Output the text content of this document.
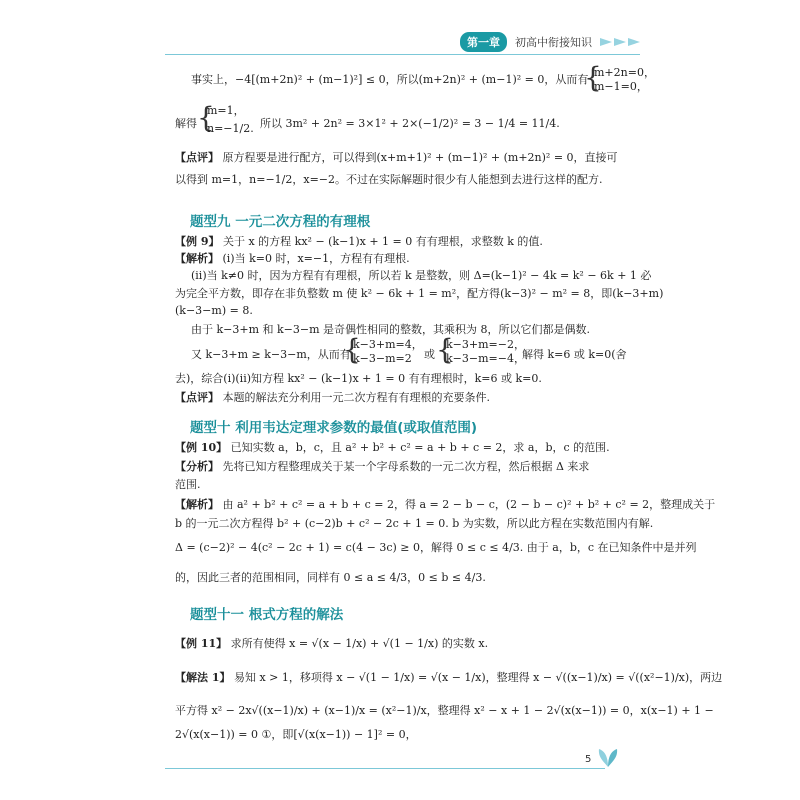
第一章	初高中衔接知识
事实上，−4[(m+2n)² + (m−1)²] ≤ 0，所以(m+2n)² + (m−1)² = 0，从而有
{
m+2n=0，
m−1=0，
解得 {
m=1，
n=−1/2. 所以 3m² + 2n² = 3×1² + 2×(−1/2)² = 3 − 1/4 = 11/4.
【点评】 原方程要是进行配方，可以得到(x+m+1)² + (m−1)² + (m+2n)² = 0，直接可
以得到 m=1，n=−1/2，x=−2。不过在实际解题时很少有人能想到去进行这样的配方.
题型九 一元二次方程的有理根
【例 9】 关于 x 的方程 kx² − (k−1)x + 1 = 0 有有理根，求整数 k 的值.
【解析】 (i)当 k=0 时，x=−1，方程有有理根.
(ii)当 k≠0 时，因为方程有有理根，所以若 k 是整数，则 Δ=(k−1)² − 4k = k² − 6k + 1 必
为完全平方数，即存在非负整数 m 使 k² − 6k + 1 = m²，配方得(k−3)² − m² = 8，即(k−3+m)
(k−3−m) = 8.
由于 k−3+m 和 k−3−m 是奇偶性相同的整数，其乘积为 8，所以它们都是偶数.
又 k−3+m ≥ k−3−m，从而有
{
k−3+m=4，
k−3−m=2	或 {
k−3+m=−2，
k−3−m=−4，
解得 k=6 或 k=0(舍
去)，综合(i)(ii)知方程 kx² − (k−1)x + 1 = 0 有有理根时，k=6 或 k=0.
【点评】 本题的解法充分利用一元二次方程有有理根的充要条件.
题型十 利用韦达定理求参数的最值(或取值范围)
【例 10】 已知实数 a，b，c，且 a² + b² + c² = a + b + c = 2，求 a，b，c 的范围.
【分析】 先将已知方程整理成关于某一个字母系数的一元二次方程，然后根据 Δ 来求
范围.
【解析】 由 a² + b² + c² = a + b + c = 2，得 a = 2 − b − c，(2 − b − c)² + b² + c² = 2，整理成关于
b 的一元二次方程得 b² + (c−2)b + c² − 2c + 1 = 0. b 为实数，所以此方程在实数范围内有解.
Δ = (c−2)² − 4(c² − 2c + 1) = c(4 − 3c) ≥ 0，解得 0 ≤ c ≤ 4/3. 由于 a，b，c 在已知条件中是并列
的，因此三者的范围相同，同样有 0 ≤ a ≤ 4/3，0 ≤ b ≤ 4/3.
题型十一 根式方程的解法
【例 11】 求所有使得 x = √(x − 1/x) + √(1 − 1/x) 的实数 x.
【解法 1】 易知 x > 1，移项得 x − √(1 − 1/x) = √(x − 1/x)，整理得 x − √((x−1)/x) = √((x²−1)/x)，两边
平方得 x² − 2x√((x−1)/x) + (x−1)/x = (x²−1)/x，整理得 x² − x + 1 − 2√(x(x−1)) = 0，x(x−1) + 1 −
2√(x(x−1)) = 0 ①，即[√(x(x−1)) − 1]² = 0，
5
